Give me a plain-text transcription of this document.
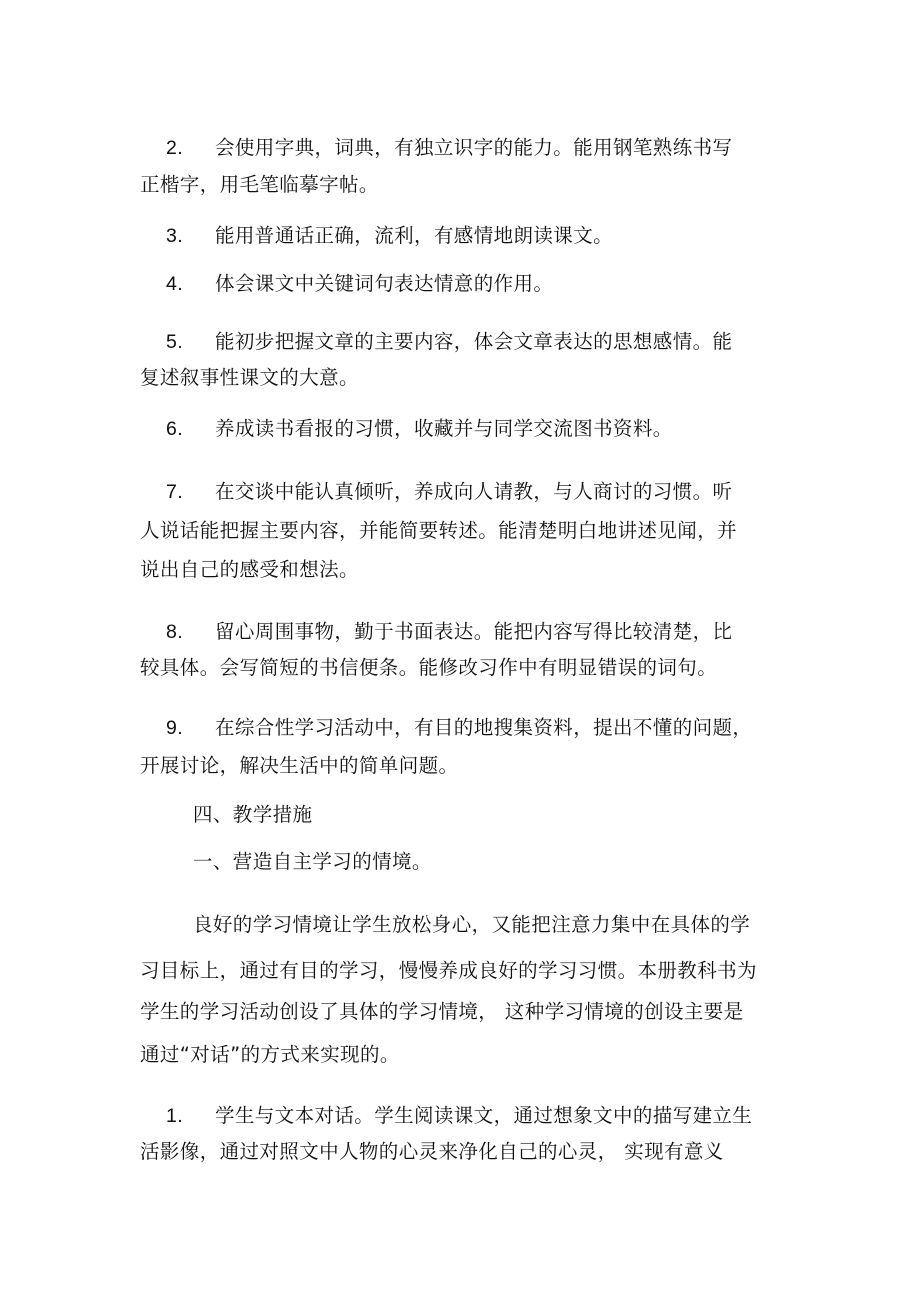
2. 会使用字典，词典，有独立识字的能力。能用钢笔熟练书写
正楷字，用毛笔临摹字帖。
3. 能用普通话正确，流利，有感情地朗读课文。
4. 体会课文中关键词句表达情意的作用。
5. 能初步把握文章的主要内容，体会文章表达的思想感情。能
复述叙事性课文的大意。
6. 养成读书看报的习惯，收藏并与同学交流图书资料。
7. 在交谈中能认真倾听，养成向人请教，与人商讨的习惯。听
人说话能把握主要内容，并能简要转述。能清楚明白地讲述见闻，并
说出自己的感受和想法。
8. 留心周围事物，勤于书面表达。能把内容写得比较清楚，比
较具体。会写简短的书信便条。能修改习作中有明显错误的词句。
9. 在综合性学习活动中，有目的地搜集资料，提出不懂的问题，
开展讨论，解决生活中的简单问题。
四、教学措施
一、营造自主学习的情境。
良好的学习情境让学生放松身心，又能把注意力集中在具体的学
习目标上，通过有目的学习，慢慢养成良好的学习习惯。本册教科书为
学生的学习活动创设了具体的学习情境， 这种学习情境的创设主要是
通过“对话”的方式来实现的。
1. 学生与文本对话。学生阅读课文，通过想象文中的描写建立生
活影像，通过对照文中人物的心灵来净化自己的心灵， 实现有意义
